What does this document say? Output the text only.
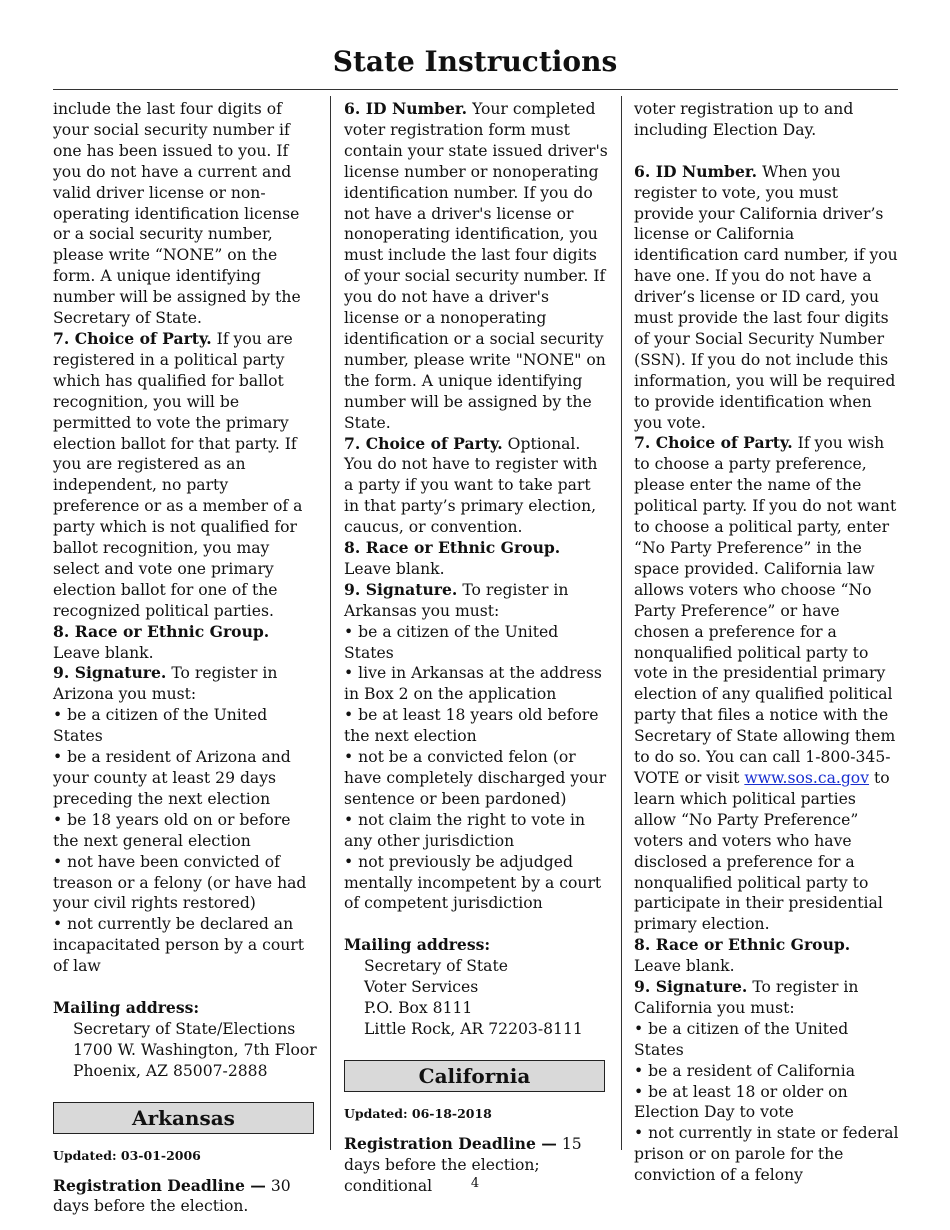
State Instructions

include the last four digits of your social security number if one has been issued to you. If you do not have a current and valid driver license or non-operating identification license or a social security number, please write “NONE” on the form. A unique identifying number will be assigned by the Secretary of State.

7. Choice of Party. If you are registered in a political party which has qualified for ballot recognition, you will be permitted to vote the primary election ballot for that party. If you are registered as an independent, no party preference or as a member of a party which is not qualified for ballot recognition, you may select and vote one primary election ballot for one of the recognized political parties.

8. Race or Ethnic Group. Leave blank.

9. Signature. To register in Arizona you must:

• be a citizen of the United States

• be a resident of Arizona and your county at least 29 days preceding the next election

• be 18 years old on or before the next general election

• not have been convicted of treason or a felony (or have had your civil rights restored)

• not currently be declared an incapacitated person by a court of law

Mailing address:

Secretary of State/Elections

1700 W. Washington, 7th Floor

Phoenix, AZ 85007-2888

Arkansas

Updated: 03-01-2006

Registration Deadline — 30 days before the election.

6. ID Number. Your completed voter registration form must contain your state issued driver's license number or nonoperating identification number. If you do not have a driver's license or nonoperating identification, you must include the last four digits of your social security number. If you do not have a driver's license or a nonoperating identification or a social security number, please write "NONE" on the form. A unique identifying number will be assigned by the State.

7. Choice of Party. Optional. You do not have to register with a party if you want to take part in that party’s primary election, caucus, or convention.

8. Race or Ethnic Group. Leave blank.

9. Signature. To register in Arkansas you must:

• be a citizen of the United States

• live in Arkansas at the address in Box 2 on the application

• be at least 18 years old before the next election

• not be a convicted felon (or have completely discharged your sentence or been pardoned)

• not claim the right to vote in any other jurisdiction

• not previously be adjudged mentally incompetent by a court of competent jurisdiction

Mailing address:

Secretary of State

Voter Services

P.O. Box 8111

Little Rock, AR 72203-8111

California

Updated: 06-18-2018

Registration Deadline — 15 days before the election; conditional

voter registration up to and including Election Day.

6. ID Number. When you register to vote, you must provide your California driver’s license or California identification card number, if you have one. If you do not have a driver’s license or ID card, you must provide the last four digits of your Social Security Number (SSN). If you do not include this information, you will be required to provide identification when you vote.

7. Choice of Party. If you wish to choose a party preference, please enter the name of the political party. If you do not want to choose a political party, enter “No Party Preference” in the space provided. California law allows voters who choose “No Party Preference” or have chosen a preference for a nonqualified political party to vote in the presidential primary election of any qualified political party that files a notice with the Secretary of State allowing them to do so. You can call 1-800-345-VOTE or visit www.sos.ca.gov to learn which political parties allow “No Party Preference” voters and voters who have disclosed a preference for a nonqualified political party to participate in their presidential primary election.

8. Race or Ethnic Group. Leave blank.

9. Signature. To register in California you must:

• be a citizen of the United States

• be a resident of California

• be at least 18 or older on Election Day to vote

• not currently in state or federal prison or on parole for the conviction of a felony

4
